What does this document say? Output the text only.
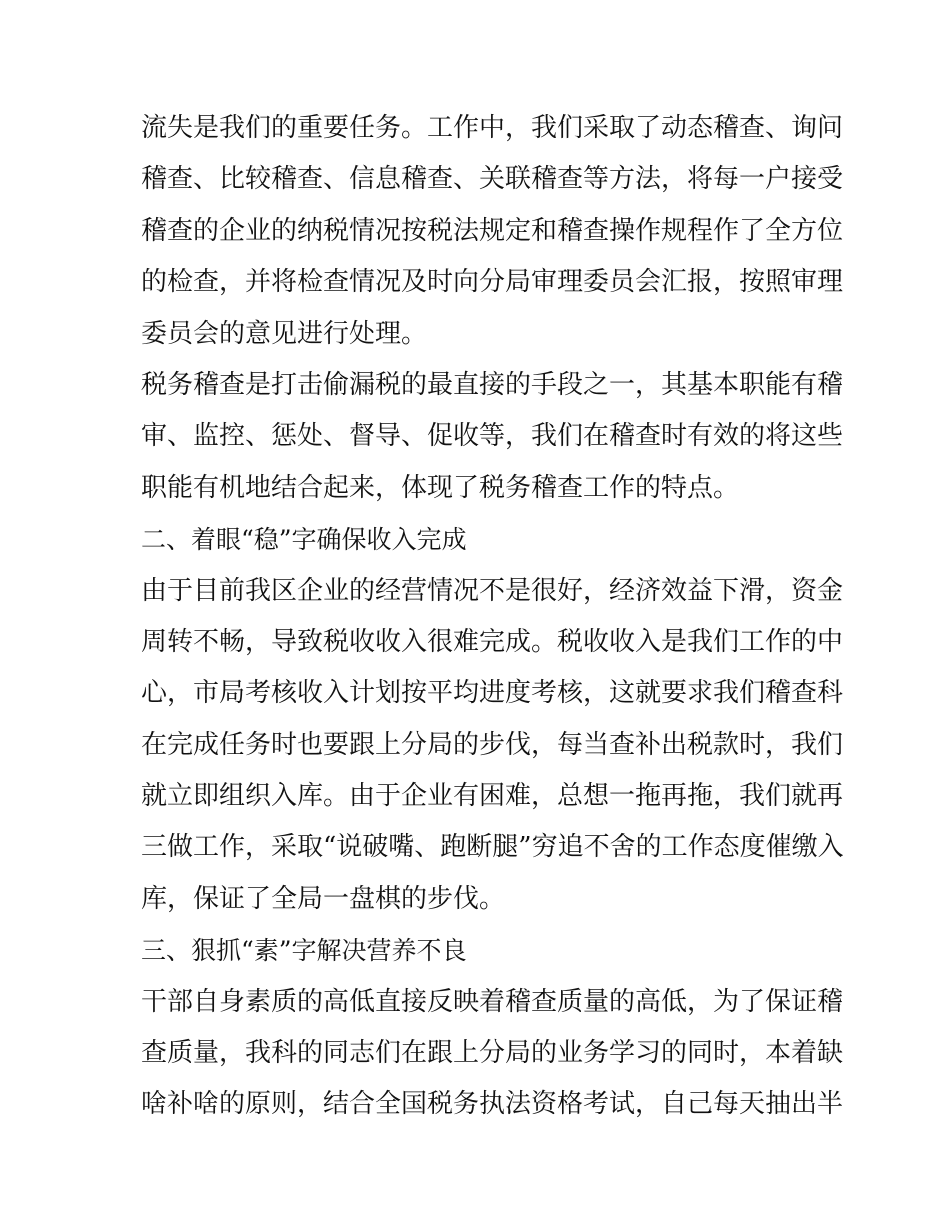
流失是我们的重要任务。工作中，我们采取了动态稽查、询问
稽查、比较稽查、信息稽查、关联稽查等方法，将每一户接受
稽查的企业的纳税情况按税法规定和稽查操作规程作了全方位
的检查，并将检查情况及时向分局审理委员会汇报，按照审理
委员会的意见进行处理。
税务稽查是打击偷漏税的最直接的手段之一，其基本职能有稽
审、监控、惩处、督导、促收等，我们在稽查时有效的将这些
职能有机地结合起来，体现了税务稽查工作的特点。
二、着眼“稳”字确保收入完成
由于目前我区企业的经营情况不是很好，经济效益下滑，资金
周转不畅，导致税收收入很难完成。税收收入是我们工作的中
心，市局考核收入计划按平均进度考核，这就要求我们稽查科
在完成任务时也要跟上分局的步伐，每当查补出税款时，我们
就立即组织入库。由于企业有困难，总想一拖再拖，我们就再
三做工作，采取“说破嘴、跑断腿”穷追不舍的工作态度催缴入
库，保证了全局一盘棋的步伐。
三、狠抓“素”字解决营养不良
干部自身素质的高低直接反映着稽查质量的高低，为了保证稽
查质量，我科的同志们在跟上分局的业务学习的同时，本着缺
啥补啥的原则，结合全国税务执法资格考试，自己每天抽出半
